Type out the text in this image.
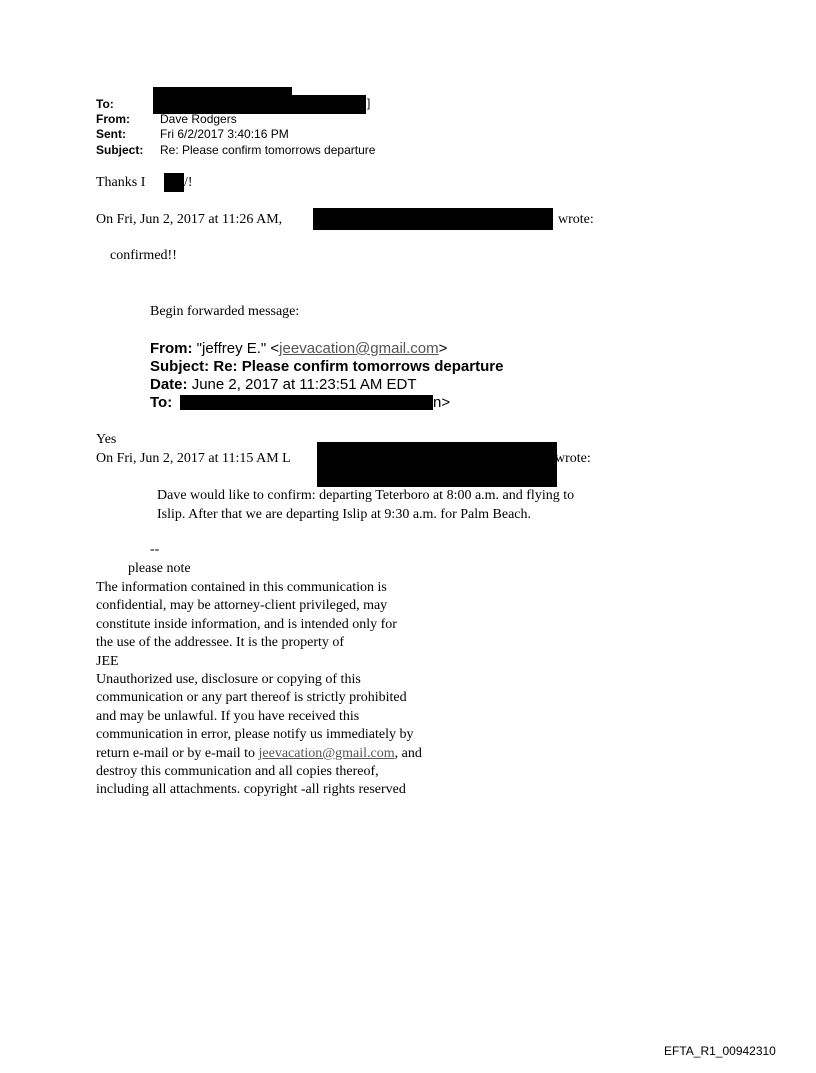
To:	]
From:	Dave Rodgers
Sent:	Fri 6/2/2017 3:40:16 PM
Subject: Re: Please confirm tomorrows departure
Thanks I	/!
On Fri, Jun 2, 2017 at 11:26 AM,	wrote:
confirmed!!
Begin forwarded message:
From: "jeffrey E." <jeevacation@gmail.com>
Subject: Re: Please confirm tomorrows departure
Date: June 2, 2017 at 11:23:51 AM EDT
To:	n>
Yes
On Fri, Jun 2, 2017 at 11:15 AM L	wrote:
Dave would like to confirm: departing Teterboro at 8:00 a.m. and flying to
Islip. After that we are departing Islip at 9:30 a.m. for Palm Beach.
--
please note
The information contained in this communication is
confidential, may be attorney-client privileged, may
constitute inside information, and is intended only for
the use of the addressee. It is the property of
JEE
Unauthorized use, disclosure or copying of this
communication or any part thereof is strictly prohibited
and may be unlawful. If you have received this
communication in error, please notify us immediately by
return e-mail or by e-mail to jeevacation@gmail.com, and
destroy this communication and all copies thereof,
including all attachments. copyright -all rights reserved
EFTA_R1_00942310
